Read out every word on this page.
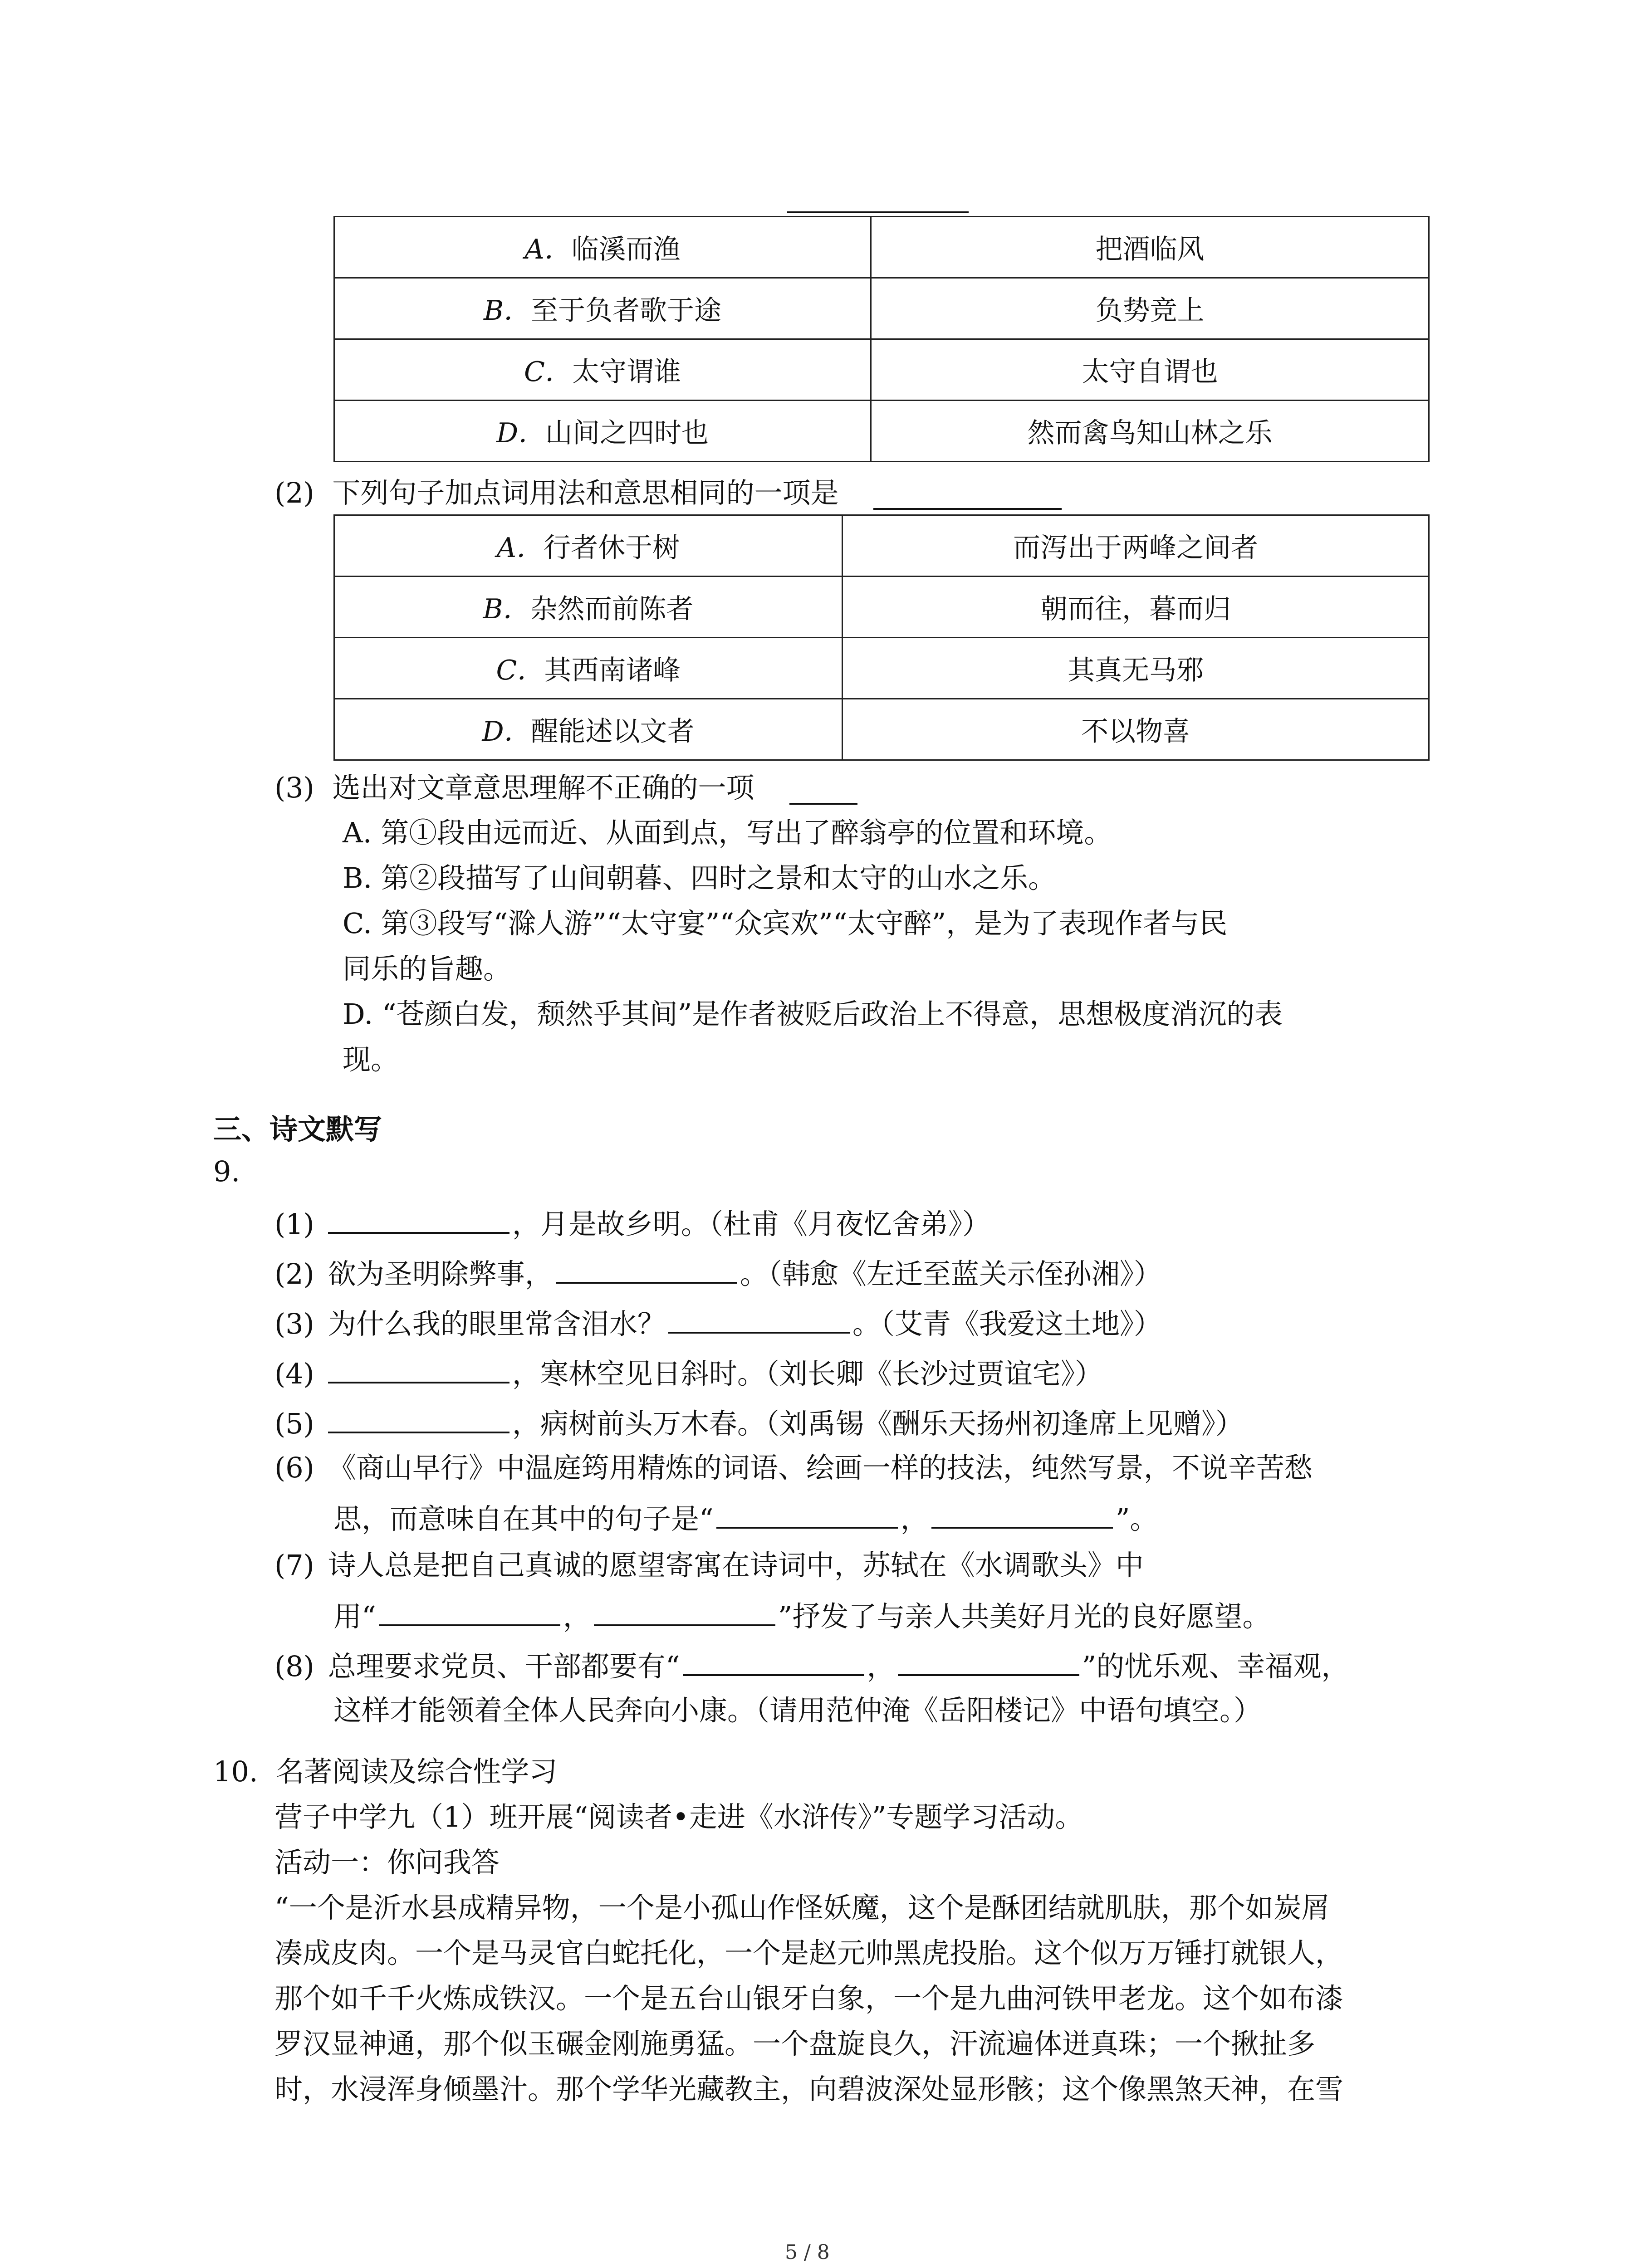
A．临溪而渔	把酒临风
B．至于负者歌于途	负势竞上
C．太守谓谁	太守自谓也
D．山间之四时也	然而禽鸟知山林之乐
(2) 下列句子加点词用法和意思相同的一项是
A．行者休于树	而泻出于两峰之间者
B．杂然而前陈者	朝而往，暮而归
C．其西南诸峰	其真无马邪
D．醒能述以文者	不以物喜
(3) 选出对文章意思理解不正确的一项
A. 第①段由远而近、从面到点，写出了醉翁亭的位置和环境。
B. 第②段描写了山间朝暮、四时之景和太守的山水之乐。
C. 第③段写“滁人游”“太守宴”“众宾欢”“太守醉”，是为了表现作者与民
同乐的旨趣。
D. “苍颜白发，颓然乎其间”是作者被贬后政治上不得意，思想极度消沉的表
现。
三、诗文默写
9.
(1)	，月是故乡明。（杜甫《月夜忆舍弟》）
(2) 欲为圣明除弊事，	。（韩愈《左迁至蓝关示侄孙湘》）
(3) 为什么我的眼里常含泪水？	。（艾青《我爱这土地》）
(4)	，寒林空见日斜时。（刘长卿《长沙过贾谊宅》）
(5)	，病树前头万木春。（刘禹锡《酬乐天扬州初逢席上见赠》）
(6) 《商山早行》中温庭筠用精炼的词语、绘画一样的技法，纯然写景，不说辛苦愁
思，而意味自在其中的句子是“	，	”。
(7) 诗人总是把自己真诚的愿望寄寓在诗词中，苏轼在《水调歌头》中
用“	，	”抒发了与亲人共美好月光的良好愿望。
(8) 总理要求党员、干部都要有“	，	”的忧乐观、幸福观，
这样才能领着全体人民奔向小康。（请用范仲淹《岳阳楼记》中语句填空。）
10. 名著阅读及综合性学习
营子中学九（1）班开展“阅读者•走进《水浒传》”专题学习活动。
活动一：你问我答
“一个是沂水县成精异物，一个是小孤山作怪妖魔，这个是酥团结就肌肤，那个如炭屑
凑成皮肉。一个是马灵官白蛇托化，一个是赵元帅黑虎投胎。这个似万万锤打就银人，
那个如千千火炼成铁汉。一个是五台山银牙白象，一个是九曲河铁甲老龙。这个如布漆
罗汉显神通，那个似玉碾金刚施勇猛。一个盘旋良久，汗流遍体迸真珠；一个揪扯多
时，水浸浑身倾墨汁。那个学华光藏教主，向碧波深处显形骸；这个像黑煞天神，在雪
5 / 8
